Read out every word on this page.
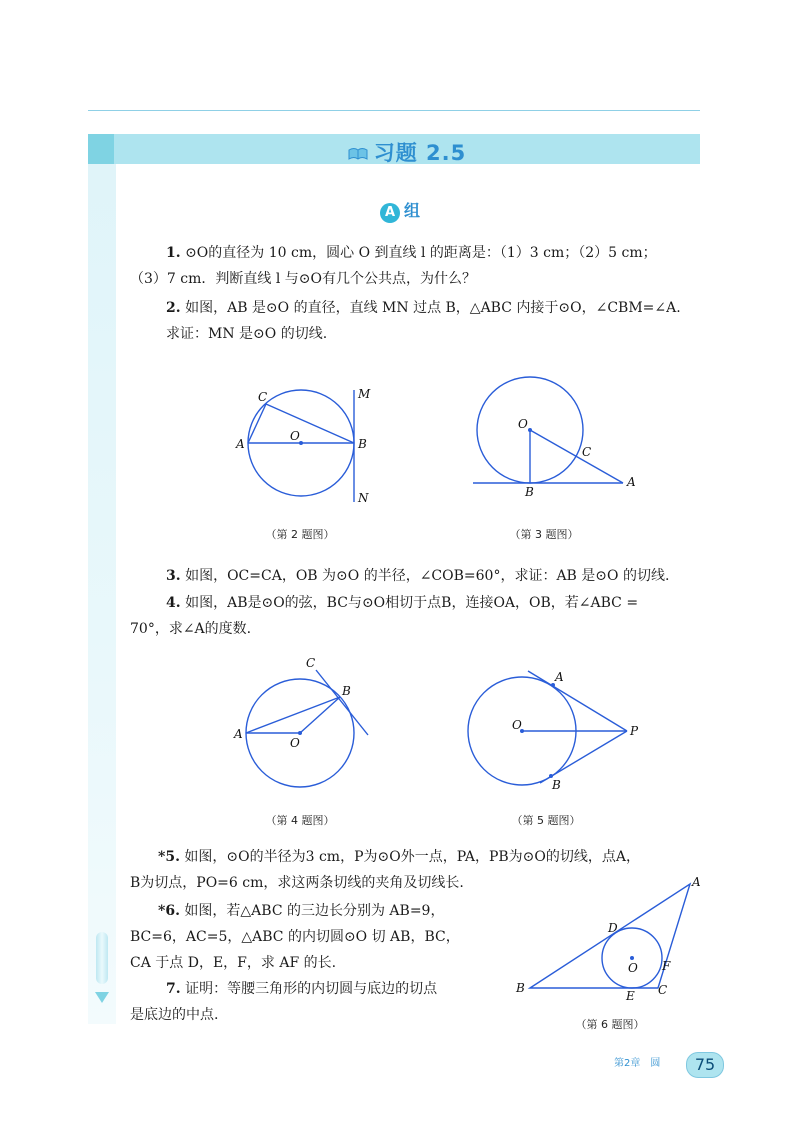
习题 2.5
A 组
1. ⊙O的直径为 10 cm，圆心 O 到直线 l 的距离是：（1）3 cm；（2）5 cm；
（3）7 cm．判断直线 l 与⊙O有几个公共点，为什么？
2. 如图，AB 是⊙O 的直径，直线 MN 过点 B，△ABC 内接于⊙O，∠CBM=∠A.
求证：MN 是⊙O 的切线.
C
A
O
B
M
N
（第 2 题图）
O
C
B
A
（第 3 题图）
3. 如图，OC=CA，OB 为⊙O 的半径，∠COB=60°，求证：AB 是⊙O 的切线.
4. 如图，AB是⊙O的弦，BC与⊙O相切于点B，连接OA，OB，若∠ABC =
70°，求∠A的度数.
C
B
A
O
（第 4 题图）
A
O	P
B
（第 5 题图）
*5. 如图，⊙O的半径为3 cm，P为⊙O外一点，PA，PB为⊙O的切线，点A，
B为切点，PO=6 cm，求这两条切线的夹角及切线长.
*6. 如图，若△ABC 的三边长分别为 AB=9，
BC=6，AC=5，△ABC 的内切圆⊙O 切 AB，BC，
CA 于点 D，E，F，求 AF 的长.
7. 证明：等腰三角形的内切圆与底边的切点
是底边的中点.
A
D
O F
B	C
E
（第 6 题图）
第2章　圆	75
